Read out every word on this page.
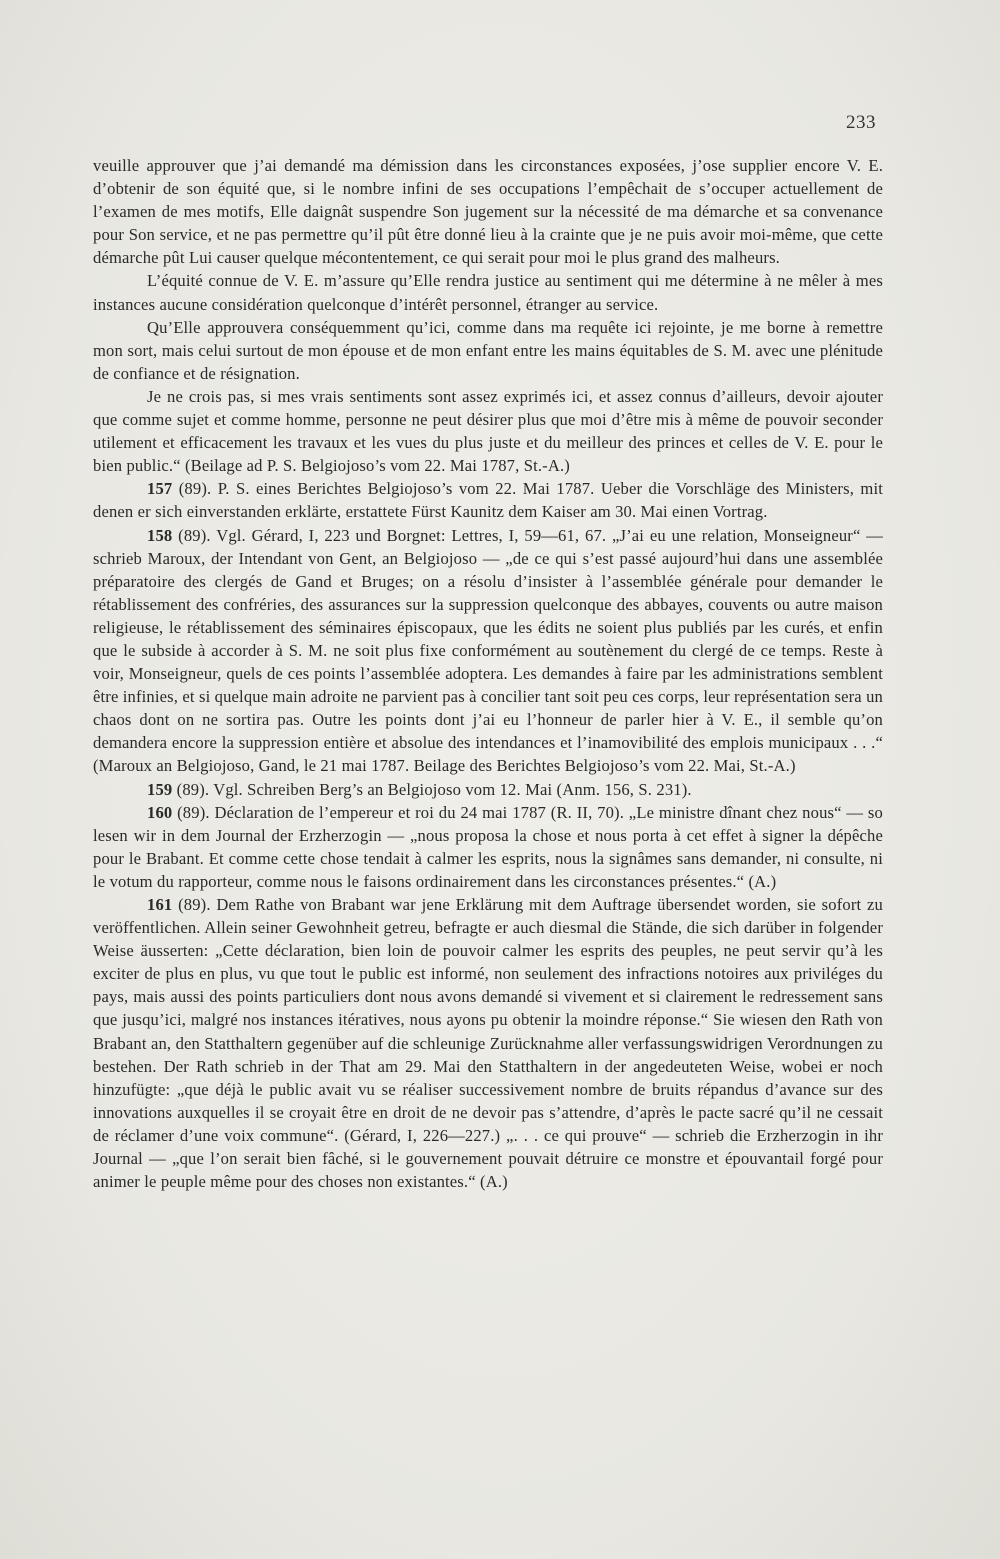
233

veuille approuver que j’ai demandé ma démission dans les circonstances exposées, j’ose supplier encore V. E. d’obtenir de son équité que, si le nombre infini de ses occupations l’empêchait de s’occuper actuellement de l’examen de mes motifs, Elle daignât suspendre Son jugement sur la nécessité de ma démarche et sa convenance pour Son service, et ne pas permettre qu’il pût être donné lieu à la crainte que je ne puis avoir moi-même, que cette démarche pût Lui causer quelque mécontentement, ce qui serait pour moi le plus grand des malheurs.

L’équité connue de V. E. m’assure qu’Elle rendra justice au sentiment qui me détermine à ne mêler à mes instances aucune considération quelconque d’intérêt personnel, étranger au service.

Qu’Elle approuvera conséquemment qu’ici, comme dans ma requête ici rejointe, je me borne à remettre mon sort, mais celui surtout de mon épouse et de mon enfant entre les mains équitables de S. M. avec une plénitude de confiance et de résignation.

Je ne crois pas, si mes vrais sentiments sont assez exprimés ici, et assez connus d’ailleurs, devoir ajouter que comme sujet et comme homme, personne ne peut désirer plus que moi d’être mis à même de pouvoir seconder utilement et efficacement les travaux et les vues du plus juste et du meilleur des princes et celles de V. E. pour le bien public.“ (Beilage ad P. S. Belgiojoso’s vom 22. Mai 1787, St.-A.)

157 (89). P. S. eines Berichtes Belgiojoso’s vom 22. Mai 1787. Ueber die Vorschläge des Ministers, mit denen er sich einverstanden erklärte, erstattete Fürst Kaunitz dem Kaiser am 30. Mai einen Vortrag.

158 (89). Vgl. Gérard, I, 223 und Borgnet: Lettres, I, 59—61, 67. „J’ai eu une relation, Monseigneur“ — schrieb Maroux, der Intendant von Gent, an Belgiojoso — „de ce qui s’est passé aujourd’hui dans une assemblée préparatoire des clergés de Gand et Bruges; on a résolu d’insister à l’assemblée générale pour demander le rétablissement des confréries, des assurances sur la suppression quelconque des abbayes, couvents ou autre maison religieuse, le rétablissement des séminaires épiscopaux, que les édits ne soient plus publiés par les curés, et enfin que le subside à accorder à S. M. ne soit plus fixe conformément au soutènement du clergé de ce temps. Reste à voir, Monseigneur, quels de ces points l’assemblée adoptera. Les demandes à faire par les administrations semblent être infinies, et si quelque main adroite ne parvient pas à concilier tant soit peu ces corps, leur représentation sera un chaos dont on ne sortira pas. Outre les points dont j’ai eu l’honneur de parler hier à V. E., il semble qu’on demandera encore la suppression entière et absolue des intendances et l’inamovibilité des emplois municipaux . . .“ (Maroux an Belgiojoso, Gand, le 21 mai 1787. Beilage des Berichtes Belgiojoso’s vom 22. Mai, St.-A.)

159 (89). Vgl. Schreiben Berg’s an Belgiojoso vom 12. Mai (Anm. 156, S. 231).

160 (89). Déclaration de l’empereur et roi du 24 mai 1787 (R. II, 70). „Le ministre dînant chez nous“ — so lesen wir in dem Journal der Erzherzogin — „nous proposa la chose et nous porta à cet effet à signer la dépêche pour le Brabant. Et comme cette chose tendait à calmer les esprits, nous la signâmes sans demander, ni consulte, ni le votum du rapporteur, comme nous le faisons ordinairement dans les circonstances présentes.“ (A.)

161 (89). Dem Rathe von Brabant war jene Erklärung mit dem Auftrage übersendet worden, sie sofort zu veröffentlichen. Allein seiner Gewohnheit getreu, befragte er auch diesmal die Stände, die sich darüber in folgender Weise äusserten: „Cette déclaration, bien loin de pouvoir calmer les esprits des peuples, ne peut servir qu’à les exciter de plus en plus, vu que tout le public est informé, non seulement des infractions notoires aux priviléges du pays, mais aussi des points particuliers dont nous avons demandé si vivement et si clairement le redressement sans que jusqu’ici, malgré nos instances itératives, nous ayons pu obtenir la moindre réponse.“ Sie wiesen den Rath von Brabant an, den Statthaltern gegenüber auf die schleunige Zurücknahme aller verfassungswidrigen Verordnungen zu bestehen. Der Rath schrieb in der That am 29. Mai den Statthaltern in der angedeuteten Weise, wobei er noch hinzufügte: „que déjà le public avait vu se réaliser successivement nombre de bruits répandus d’avance sur des innovations auxquelles il se croyait être en droit de ne devoir pas s’attendre, d’après le pacte sacré qu’il ne cessait de réclamer d’une voix commune“. (Gérard, I, 226—227.) „. . . ce qui prouve“ — schrieb die Erzherzogin in ihr Journal — „que l’on serait bien fâché, si le gouvernement pouvait détruire ce monstre et épouvantail forgé pour animer le peuple même pour des choses non existantes.“ (A.)
